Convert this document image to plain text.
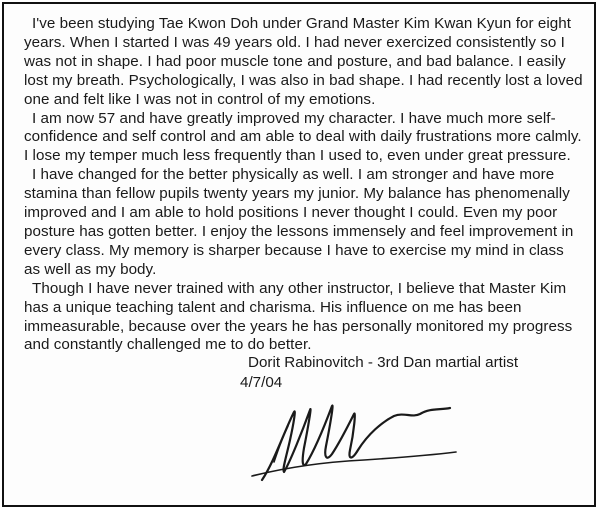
I've been studying Tae Kwon Doh under Grand Master Kim Kwan Kyun for eight years. When I started I was 49 years old. I had never exercized consistently so I was not in shape. I had poor muscle tone and posture, and bad balance. I easily lost my breath. Psychologically, I was also in bad shape. I had recently lost a loved one and felt like I was not in control of my emotions.

I am now 57 and have greatly improved my character. I have much more self-confidence and self control and am able to deal with daily frustrations more calmly. I lose my temper much less frequently than I used to, even under great pressure.

I have changed for the better physically as well. I am stronger and have more stamina than fellow pupils twenty years my junior. My balance has phenomenally improved and I am able to hold positions I never thought I could. Even my poor posture has gotten better. I enjoy the lessons immensely and feel improvement in every class. My memory is sharper because I have to exercise my mind in class as well as my body.

Though I have never trained with any other instructor, I believe that Master Kim has a unique teaching talent and charisma. His influence on me has been immeasurable, because over the years he has personally monitored my progress and constantly challenged me to do better.

Dorit Rabinovitch - 3rd Dan martial artist
4/7/04
